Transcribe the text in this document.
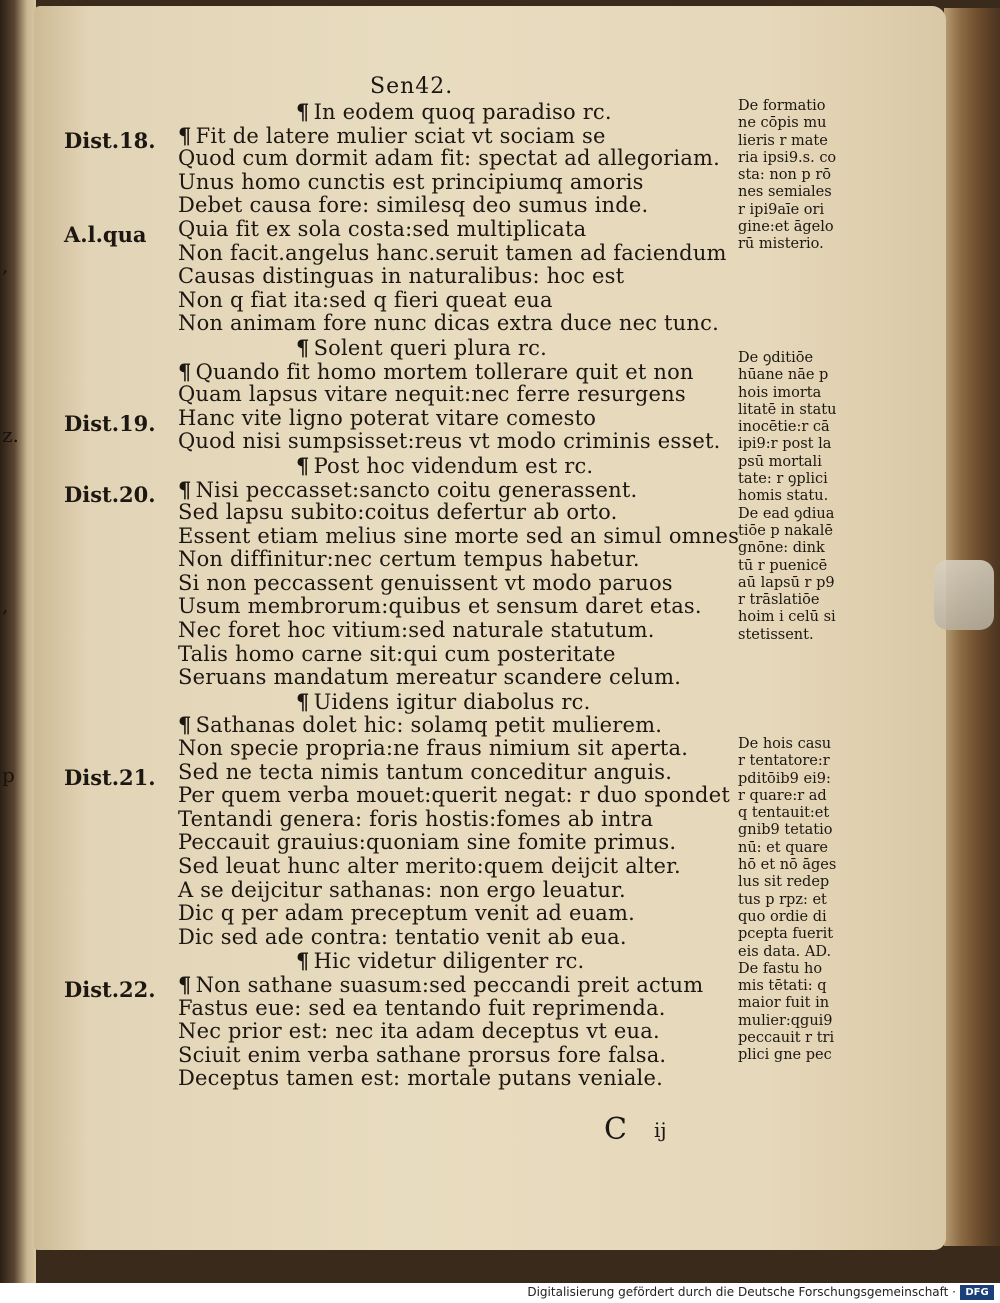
,
z.
,
p
Sen42.
Dist.18.
A.l.qua
Dist.19.
Dist.20.
Dist.21.
Dist.22.
¶ In eodem quoq paradiso rc.
¶ Fit de latere mulier sciat vt sociam se
Quod cum dormit adam fit: spectat ad allegoriam.
Unus homo cunctis est principiumq amoris
Debet causa fore: similesq deo sumus inde.
Quia fit ex sola costa:sed multiplicata
Non facit.angelus hanc.seruit tamen ad faciendum
Causas distinguas in naturalibus: hoc est
Non q fiat ita:sed q fieri queat eua
Non animam fore nunc dicas extra duce nec tunc.
¶ Solent queri plura rc.
¶ Quando fit homo mortem tollerare quit et non
Quam lapsus vitare nequit:nec ferre resurgens
Hanc vite ligno poterat vitare comesto
Quod nisi sumpsisset:reus vt modo criminis esset.
¶ Post hoc videndum est rc.
¶ Nisi peccasset:sancto coitu generassent.
Sed lapsu subito:coitus defertur ab orto.
Essent etiam melius sine morte sed an simul omnes
Non diffinitur:nec certum tempus habetur.
Si non peccassent genuissent vt modo paruos
Usum membrorum:quibus et sensum daret etas.
Nec foret hoc vitium:sed naturale statutum.
Talis homo carne sit:qui cum posteritate
Seruans mandatum mereatur scandere celum.
¶ Uidens igitur diabolus rc.
¶ Sathanas dolet hic: solamq petit mulierem.
Non specie propria:ne fraus nimium sit aperta.
Sed ne tecta nimis tantum conceditur anguis.
Per quem verba mouet:querit negat: r duo spondet
Tentandi genera: foris hostis:fomes ab intra
Peccauit grauius:quoniam sine fomite primus.
Sed leuat hunc alter merito:quem deijcit alter.
A se deijcitur sathanas: non ergo leuatur.
Dic q per adam preceptum venit ad euam.
Dic sed ade contra: tentatio venit ab eua.
¶ Hic videtur diligenter rc.
¶ Non sathane suasum:sed peccandi preit actum
Fastus eue: sed ea tentando fuit reprimenda.
Nec prior est: nec ita adam deceptus vt eua.
Sciuit enim verba sathane prorsus fore falsa.
Deceptus tamen est: mortale putans veniale.
De formatio
ne cōpis mu
lieris r mate
ria ipsi9.s. co
sta: non p rō
nes semiales
r ipi9aīe ori
gine:et āgelo
rū misterio.
De ꝯditiōe
hūane nāe p
hois imorta
litatē in statu
inocētie:r cā
ipi9:r post la
psū mortali
tate: r ꝯplici
homis statu.
De ead ꝯdiua
tiōe p nakalē
gnōne: dink
tū r puenicē
aū lapsū r p9
r trāslatiōe
hoim i celū si
stetissent.
De hois casu
r tentatore:r
pditōib9 ei9:
r quare:r ad
q tentauit:et
gnib9 tetatio
nū: et quare
hō et nō āges
lus sit redep
tus p rpz: et
quo ordie di
pcepta fuerit
eis data. AD.
De fastu ho
mis tētati: q
maior fuit in
mulier:qgui9
peccauit r tri
plici gne pec
C ij
Digitalisierung gefördert durch die Deutsche Forschungsgemeinschaft · DFG
